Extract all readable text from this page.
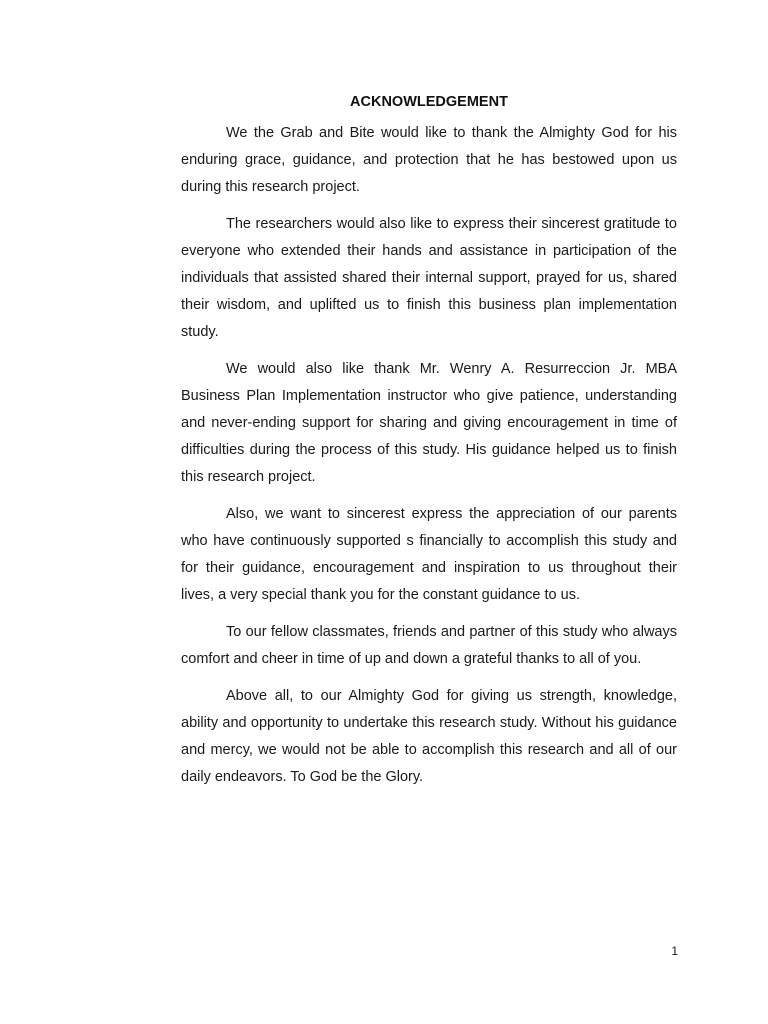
ACKNOWLEDGEMENT

We the Grab and Bite would like to thank the Almighty God for his enduring grace, guidance, and protection that he has bestowed upon us during this research project.

The researchers would also like to express their sincerest gratitude to everyone who extended their hands and assistance in participation of the individuals that assisted shared their internal support, prayed for us, shared their wisdom, and uplifted us to finish this business plan implementation study.

We would also like thank Mr. Wenry A. Resurreccion Jr. MBA Business Plan Implementation instructor who give patience, understanding and never-ending support for sharing and giving encouragement in time of difficulties during the process of this study. His guidance helped us to finish this research project.

Also, we want to sincerest express the appreciation of our parents who have continuously supported s financially to accomplish this study and for their guidance, encouragement and inspiration to us throughout their lives, a very special thank you for the constant guidance to us.

To our fellow classmates, friends and partner of this study who always comfort and cheer in time of up and down a grateful thanks to all of you.

Above all, to our Almighty God for giving us strength, knowledge, ability and opportunity to undertake this research study. Without his guidance and mercy, we would not be able to accomplish this research and all of our daily endeavors. To God be the Glory.

1
